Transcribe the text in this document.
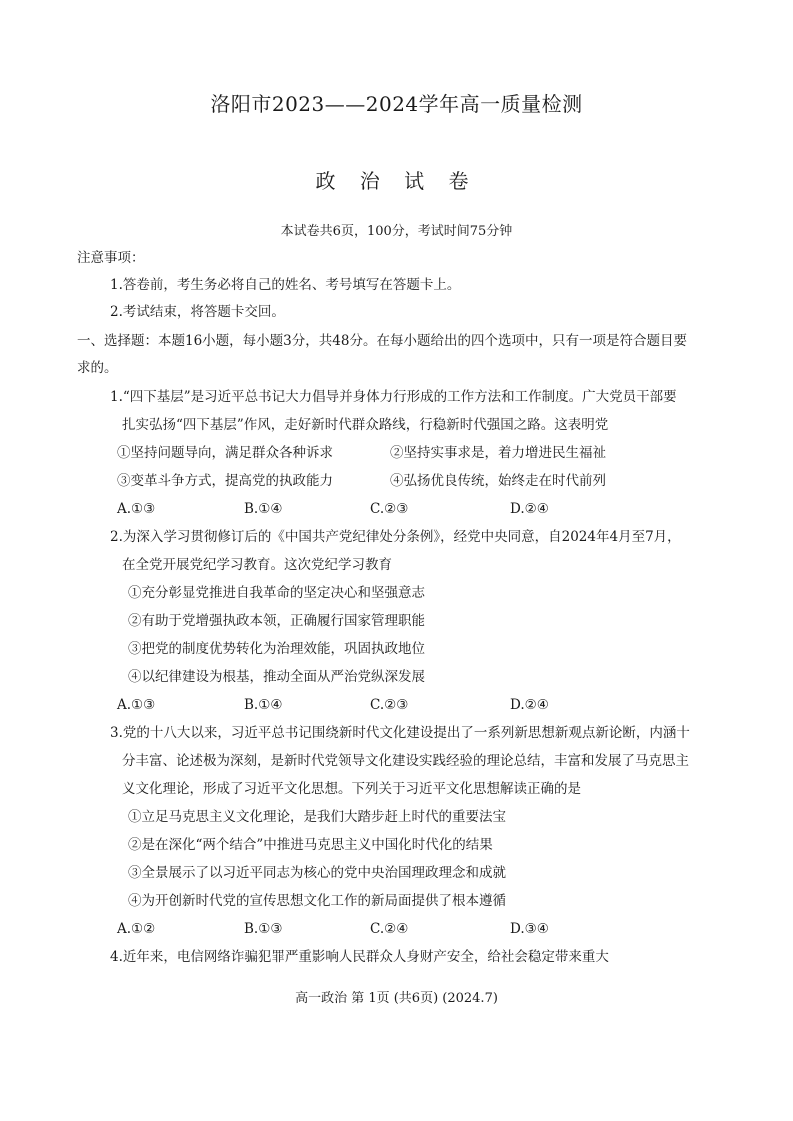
洛阳市2023——2024学年高一质量检测
政 治 试 卷
本试卷共6页，100分，考试时间75分钟
注意事项：
1.答卷前，考生务必将自己的姓名、考号填写在答题卡上。
2.考试结束，将答题卡交回。
一、选择题：本题16小题，每小题3分，共48分。在每小题给出的四个选项中，只有一项是符合题目要
求的。
1.“四下基层”是习近平总书记大力倡导并身体力行形成的工作方法和工作制度。广大党员干部要
扎实弘扬“四下基层”作风，走好新时代群众路线，行稳新时代强国之路。这表明党
①坚持问题导向，满足群众各种诉求	②坚持实事求是，着力增进民生福祉
③变革斗争方式，提高党的执政能力	④弘扬优良传统，始终走在时代前列
A.①③	B.①④	C.②③	D.②④
2.为深入学习贯彻修订后的《中国共产党纪律处分条例》，经党中央同意，自2024年4月至7月，
在全党开展党纪学习教育。这次党纪学习教育
①充分彰显党推进自我革命的坚定决心和坚强意志
②有助于党增强执政本领，正确履行国家管理职能
③把党的制度优势转化为治理效能，巩固执政地位
④以纪律建设为根基，推动全面从严治党纵深发展
A.①③	B.①④	C.②③	D.②④
3.党的十八大以来，习近平总书记围绕新时代文化建设提出了一系列新思想新观点新论断，内涵十
分丰富、论述极为深刻，是新时代党领导文化建设实践经验的理论总结，丰富和发展了马克思主
义文化理论，形成了习近平文化思想。下列关于习近平文化思想解读正确的是
①立足马克思主义文化理论，是我们大踏步赶上时代的重要法宝
②是在深化“两个结合”中推进马克思主义中国化时代化的结果
③全景展示了以习近平同志为核心的党中央治国理政理念和成就
④为开创新时代党的宣传思想文化工作的新局面提供了根本遵循
A.①②	B.①③	C.②④	D.③④
4.近年来，电信网络诈骗犯罪严重影响人民群众人身财产安全，给社会稳定带来重大
高一政治 第 1页 (共6页) (2024.7)
